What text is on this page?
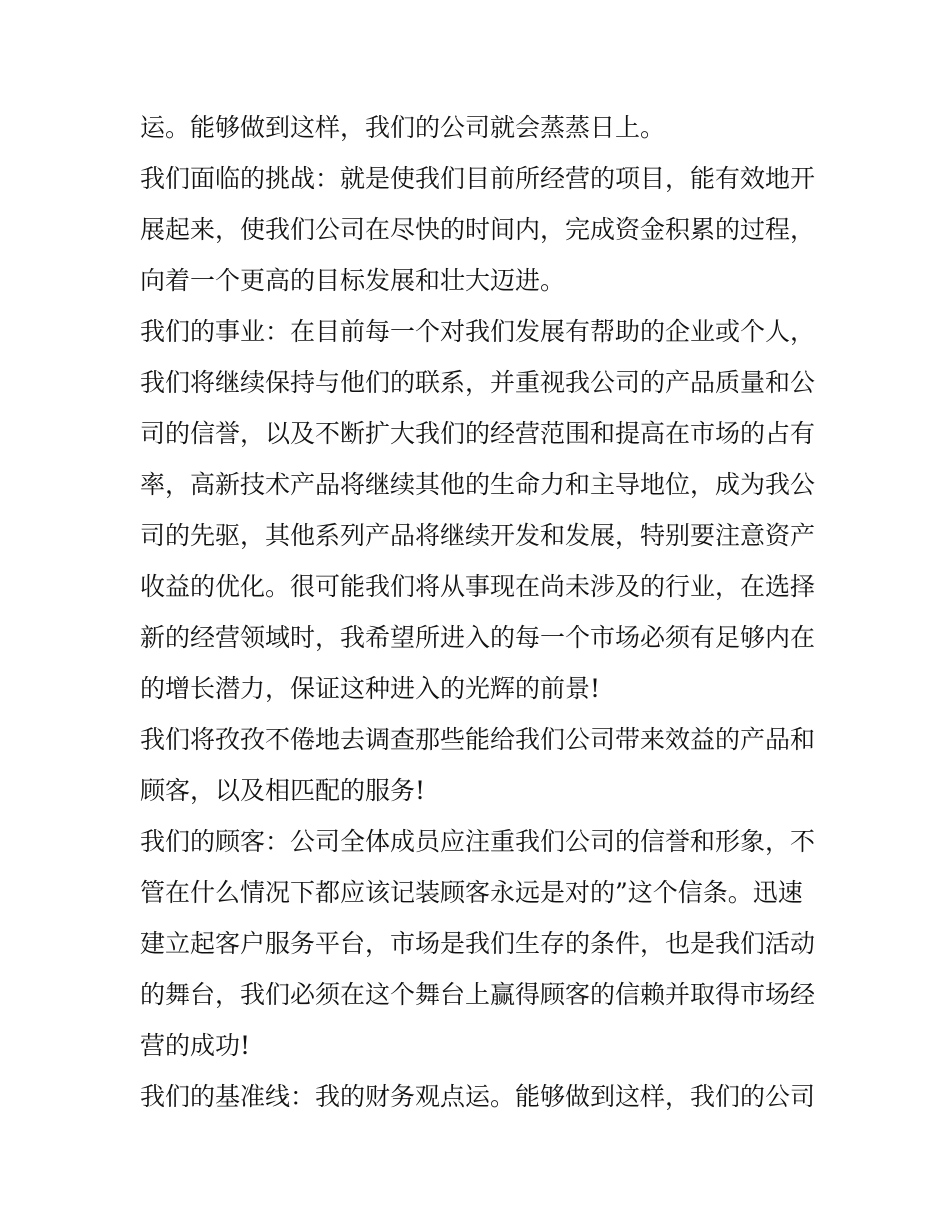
运。能够做到这样，我们的公司就会蒸蒸日上。
我们面临的挑战：就是使我们目前所经营的项目，能有效地开
展起来，使我们公司在尽快的时间内，完成资金积累的过程，
向着一个更高的目标发展和壮大迈进。
我们的事业：在目前每一个对我们发展有帮助的企业或个人，
我们将继续保持与他们的联系，并重视我公司的产品质量和公
司的信誉，以及不断扩大我们的经营范围和提高在市场的占有
率，高新技术产品将继续其他的生命力和主导地位，成为我公
司的先驱，其他系列产品将继续开发和发展，特别要注意资产
收益的优化。很可能我们将从事现在尚未涉及的行业，在选择
新的经营领域时，我希望所进入的每一个市场必须有足够内在
的增长潜力，保证这种进入的光辉的前景!
我们将孜孜不倦地去调查那些能给我们公司带来效益的产品和
顾客，以及相匹配的服务!
我们的顾客：公司全体成员应注重我们公司的信誉和形象，不
管在什么情况下都应该记装顾客永远是对的”这个信条。迅速
建立起客户服务平台，市场是我们生存的条件，也是我们活动
的舞台，我们必须在这个舞台上赢得顾客的信赖并取得市场经
营的成功!
我们的基准线：我的财务观点运。能够做到这样，我们的公司
